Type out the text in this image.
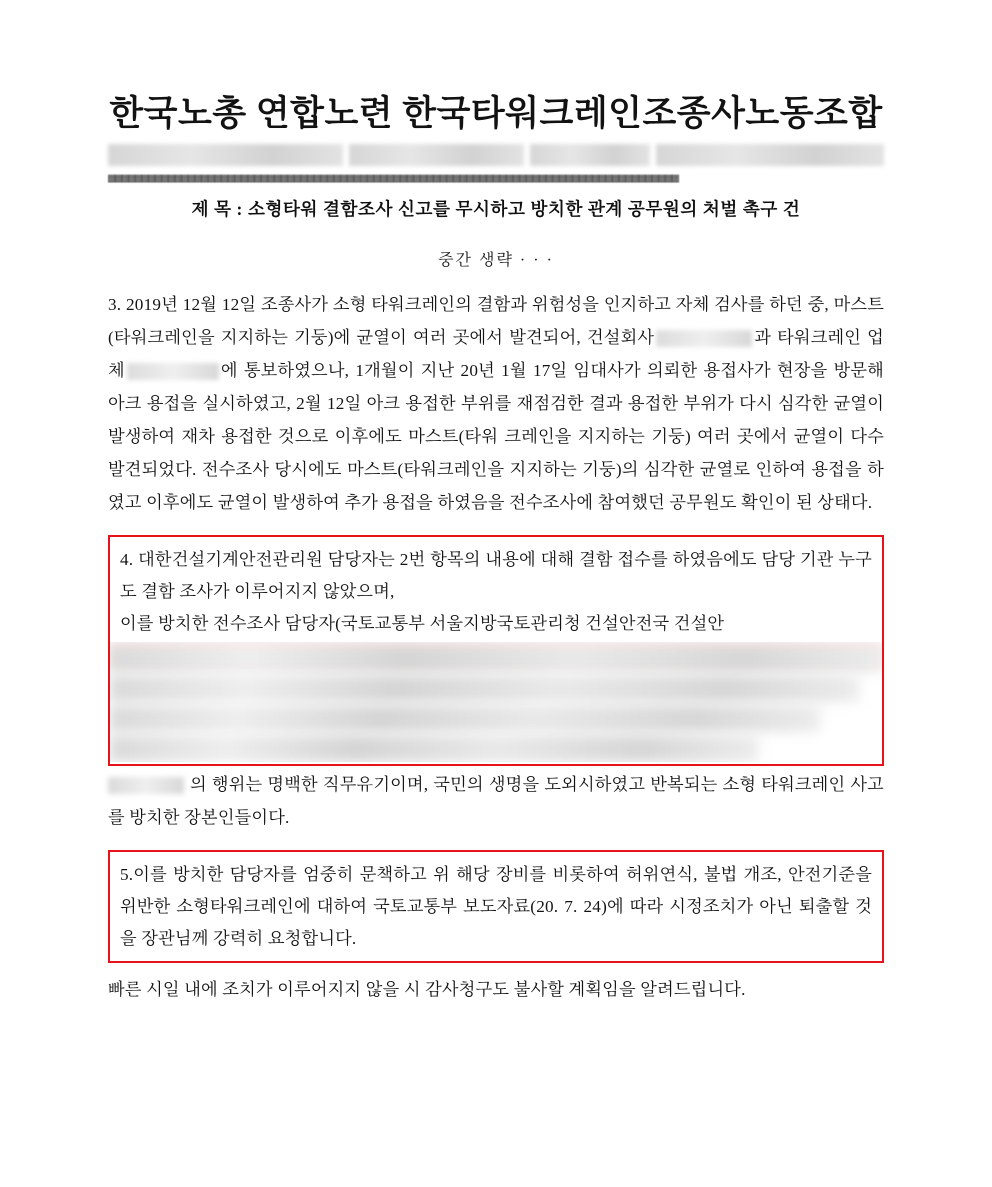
한국노총 연합노련 한국타워크레인조종사노동조합
▦▦▦▦▦▦▦▦▦▦▦▦▦▦▦▦▦▦▦▦▦▦▦▦▦▦▦▦▦▦▦▦▦▦▦▦▦▦▦▦▦▦▦▦▦▦▦▦▦▦▦▦▦▦▦▦▦▦▦▦▦▦▦▦▦▦▦▦▦▦▦▦▦▦▦▦▦▦▦▦▦▦▦▦▦▦
제 목 : 소형타워 결함조사 신고를 무시하고 방치한 관계 공무원의 처벌 촉구 건
중간 생략 · · ·

3. 2019년 12월 12일 조종사가 소형 타워크레인의 결함과 위험성을 인지하고 자체 검사를 하던 중, 마스트(타워크레인을 지지하는 기둥)에 균열이 여러 곳에서 발견되어, 건설회사	과 타워크레인 업체	에 통보하였으나, 1개월이 지난 20년 1월 17일 임대사가 의뢰한 용접사가 현장을 방문해 아크 용접을 실시하였고, 2월 12일 아크 용접한 부위를 재점검한 결과 용접한 부위가 다시 심각한 균열이 발생하여 재차 용접한 것으로 이후에도 마스트(타워 크레인을 지지하는 기둥) 여러 곳에서 균열이 다수 발견되었다. 전수조사 당시에도 마스트(타워크레인을 지지하는 기둥)의 심각한 균열로 인하여 용접을 하였고 이후에도 균열이 발생하여 추가 용접을 하였음을 전수조사에 참여했던 공무원도 확인이 된 상태다.

4. 대한건설기계안전관리원 담당자는 2번 항목의 내용에 대해 결함 접수를 하였음에도 담당 기관 누구도 결함 조사가 이루어지지 않았으며,

이를 방치한 전수조사 담당자(국토교통부 서울지방국토관리청 건설안전국 건설안

의 행위는 명백한 직무유기이며, 국민의 생명을 도외시하였고 반복되는 소형 타워크레인 사고를 방치한 장본인들이다.

5.이를 방치한 담당자를 엄중히 문책하고 위 해당 장비를 비롯하여 허위연식, 불법 개조, 안전기준을 위반한 소형타워크레인에 대하여 국토교통부 보도자료(20. 7. 24)에 따라 시정조치가 아닌 퇴출할 것을 장관님께 강력히 요청합니다.

빠른 시일 내에 조치가 이루어지지 않을 시 감사청구도 불사할 계획임을 알려드립니다.
